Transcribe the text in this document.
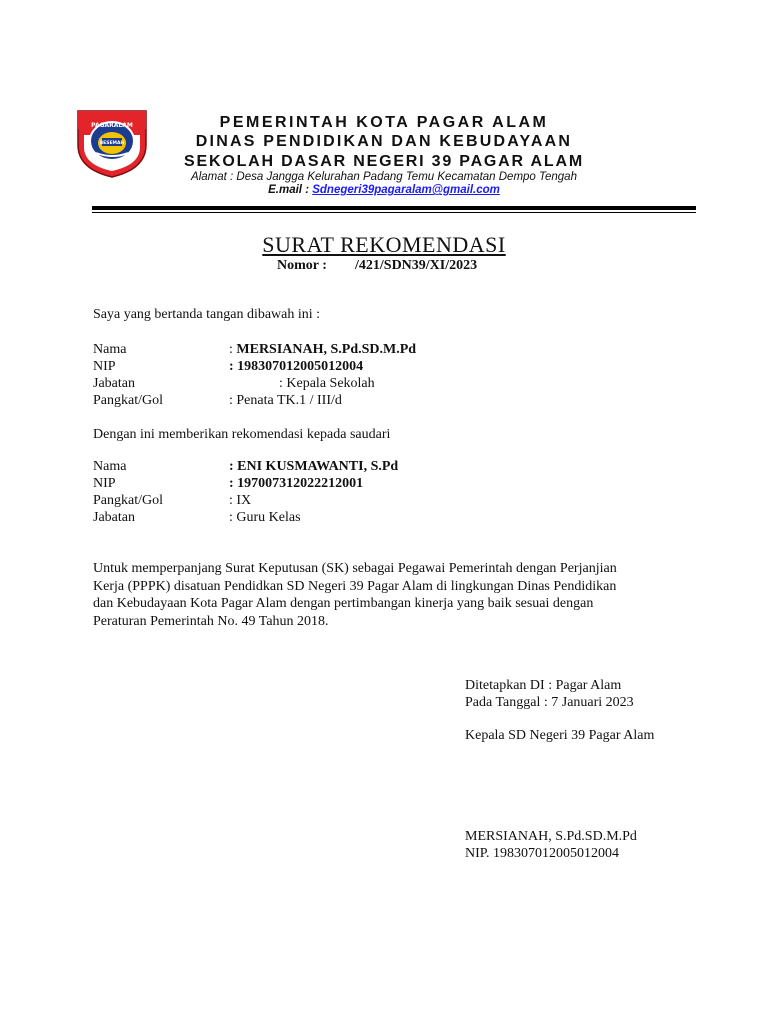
BESEMAH
PAGARALAM	PEMERINTAH KOTA PAGAR ALAM
DINAS PENDIDIKAN DAN KEBUDAYAAN
SEKOLAH DASAR NEGERI 39 PAGAR ALAM
Alamat : Desa Jangga Kelurahan Padang Temu Kecamatan Dempo Tengah
E.mail : Sdnegeri39pagaralam@gmail.com
SURAT REKOMENDASI
Nomor : /421/SDN39/XI/2023
Saya yang bertanda tangan dibawah ini :
Nama	: MERSIANAH, S.Pd.SD.M.Pd
NIP	: 198307012005012004
Jabatan	: Kepala Sekolah
Pangkat/Gol	: Penata TK.1 / III/d
Dengan ini memberikan rekomendasi kepada saudari
Nama	: ENI KUSMAWANTI, S.Pd
NIP	: 197007312022212001
Pangkat/Gol	: IX
Jabatan	: Guru Kelas
Untuk memperpanjang Surat Keputusan (SK) sebagai Pegawai Pemerintah dengan Perjanjian
Kerja (PPPK) disatuan Pendidkan SD Negeri 39 Pagar Alam di lingkungan Dinas Pendidikan
dan Kebudayaan Kota Pagar Alam dengan pertimbangan kinerja yang baik sesuai dengan
Peraturan Pemerintah No. 49 Tahun 2018.
Ditetapkan DI : Pagar Alam
Pada Tanggal : 7 Januari 2023
Kepala SD Negeri 39 Pagar Alam
MERSIANAH, S.Pd.SD.M.Pd
NIP. 198307012005012004
